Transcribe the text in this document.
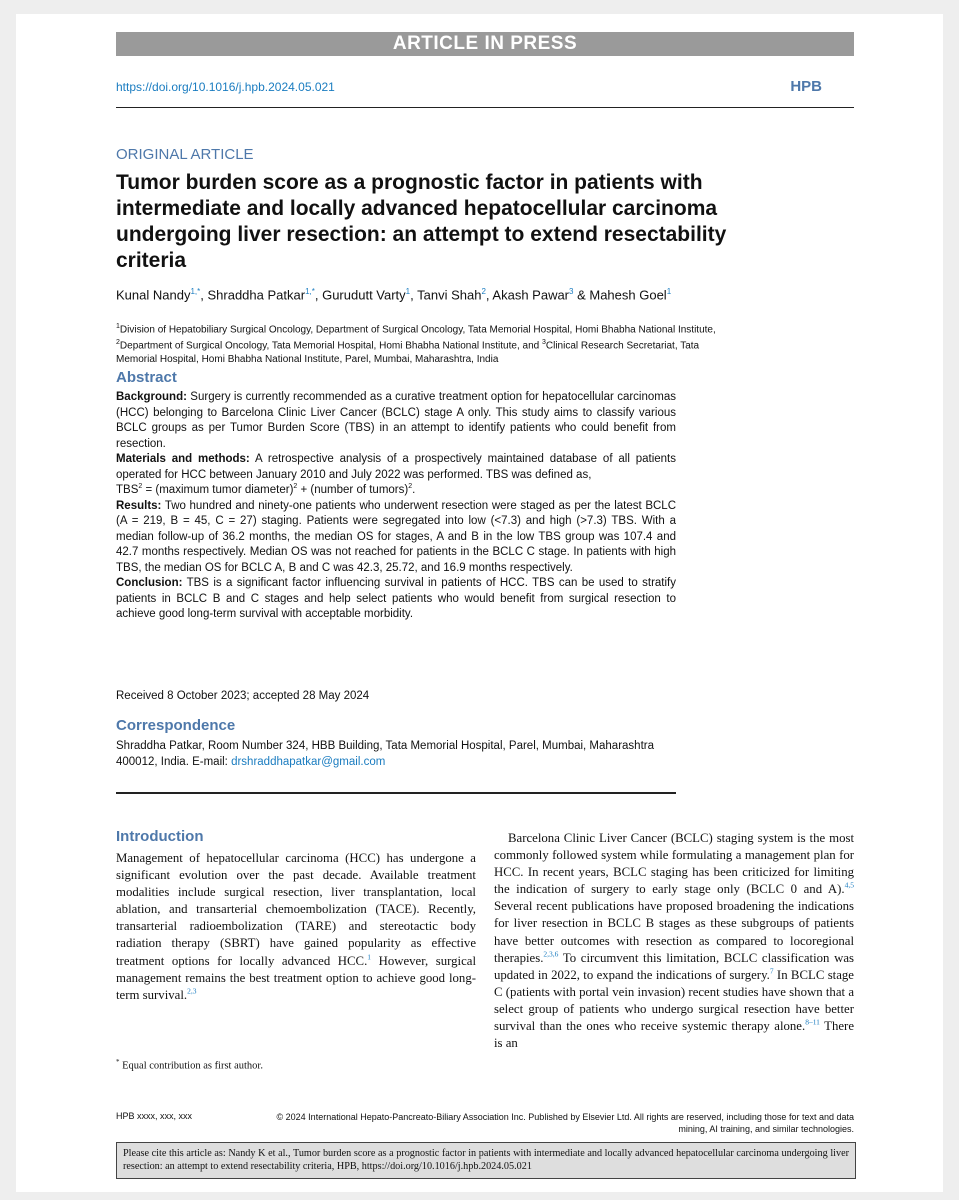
ARTICLE IN PRESS
https://doi.org/10.1016/j.hpb.2024.05.021	HPB
ORIGINAL ARTICLE
Tumor burden score as a prognostic factor in patients with intermediate and locally advanced hepatocellular carcinoma undergoing liver resection: an attempt to extend resectability criteria
Kunal Nandy$^{1,*}$, Shraddha Patkar$^{1,*}$, Gurudutt Varty$^1$, Tanvi Shah$^2$, Akash Pawar$^3$ & Mahesh Goel$^1$
$^1$Division of Hepatobiliary Surgical Oncology, Department of Surgical Oncology, Tata Memorial Hospital, Homi Bhabha National Institute, $^2$Department of Surgical Oncology, Tata Memorial Hospital, Homi Bhabha National Institute, and $^3$Clinical Research Secretariat, Tata Memorial Hospital, Homi Bhabha National Institute, Parel, Mumbai, Maharashtra, India
Abstract

Background: Surgery is currently recommended as a curative treatment option for hepatocellular carcinomas (HCC) belonging to Barcelona Clinic Liver Cancer (BCLC) stage A only. This study aims to classify various BCLC groups as per Tumor Burden Score (TBS) in an attempt to identify patients who could benefit from resection.

Materials and methods: A retrospective analysis of a prospectively maintained database of all patients operated for HCC between January 2010 and July 2022 was performed. TBS was defined as,
$TBS^2$ = (maximum tumor diameter)$^2$ + (number of tumors)$^2$.

Results: Two hundred and ninety-one patients who underwent resection were staged as per the latest BCLC (A = 219, B = 45, C = 27) staging. Patients were segregated into low (<7.3) and high (>7.3) TBS. With a median follow-up of 36.2 months, the median OS for stages, A and B in the low TBS group was 107.4 and 42.7 months respectively. Median OS was not reached for patients in the BCLC C stage. In patients with high TBS, the median OS for BCLC A, B and C was 42.3, 25.72, and 16.9 months respectively.

Conclusion: TBS is a significant factor influencing survival in patients of HCC. TBS can be used to stratify patients in BCLC B and C stages and help select patients who would benefit from surgical resection to achieve good long-term survival with acceptable morbidity.

Received 8 October 2023; accepted 28 May 2024
Correspondence
Shraddha Patkar, Room Number 324, HBB Building, Tata Memorial Hospital, Parel, Mumbai, Maharashtra 400012, India. E-mail: drshraddhapatkar@gmail.com
Introduction

Management of hepatocellular carcinoma (HCC) has undergone a significant evolution over the past decade. Available treatment modalities include surgical resection, liver transplantation, local ablation, and transarterial chemoembolization (TACE). Recently, transarterial radioembolization (TARE) and stereotactic body radiation therapy (SBRT) have gained popularity as effective treatment options for locally advanced HCC.$^1$ However, surgical management remains the best treatment option to achieve good long-term survival.$^{2,3}$

Barcelona Clinic Liver Cancer (BCLC) staging system is the most commonly followed system while formulating a management plan for HCC. In recent years, BCLC staging has been criticized for limiting the indication of surgery to early stage only (BCLC 0 and A).$^{4,5}$ Several recent publications have proposed broadening the indications for liver resection in BCLC B stages as these subgroups of patients have better outcomes with resection as compared to locoregional therapies.$^{2,3,6}$ To circumvent this limitation, BCLC classification was updated in 2022, to expand the indications of surgery.$^7$ In BCLC stage C (patients with portal vein invasion) recent studies have shown that a select group of patients who undergo surgical resection have better survival than the ones who receive systemic therapy alone.$^{8-11}$ There is an

* Equal contribution as first author.
HPB xxxx, xxx, xxx	© 2024 International Hepato-Pancreato-Biliary Association Inc. Published by Elsevier Ltd. All rights are reserved, including those for text and data mining, AI training, and similar technologies.
Please cite this article as: Nandy K et al., Tumor burden score as a prognostic factor in patients with intermediate and locally advanced hepatocellular carcinoma undergoing liver resection: an attempt to extend resectability criteria, HPB, https://doi.org/10.1016/j.hpb.2024.05.021
